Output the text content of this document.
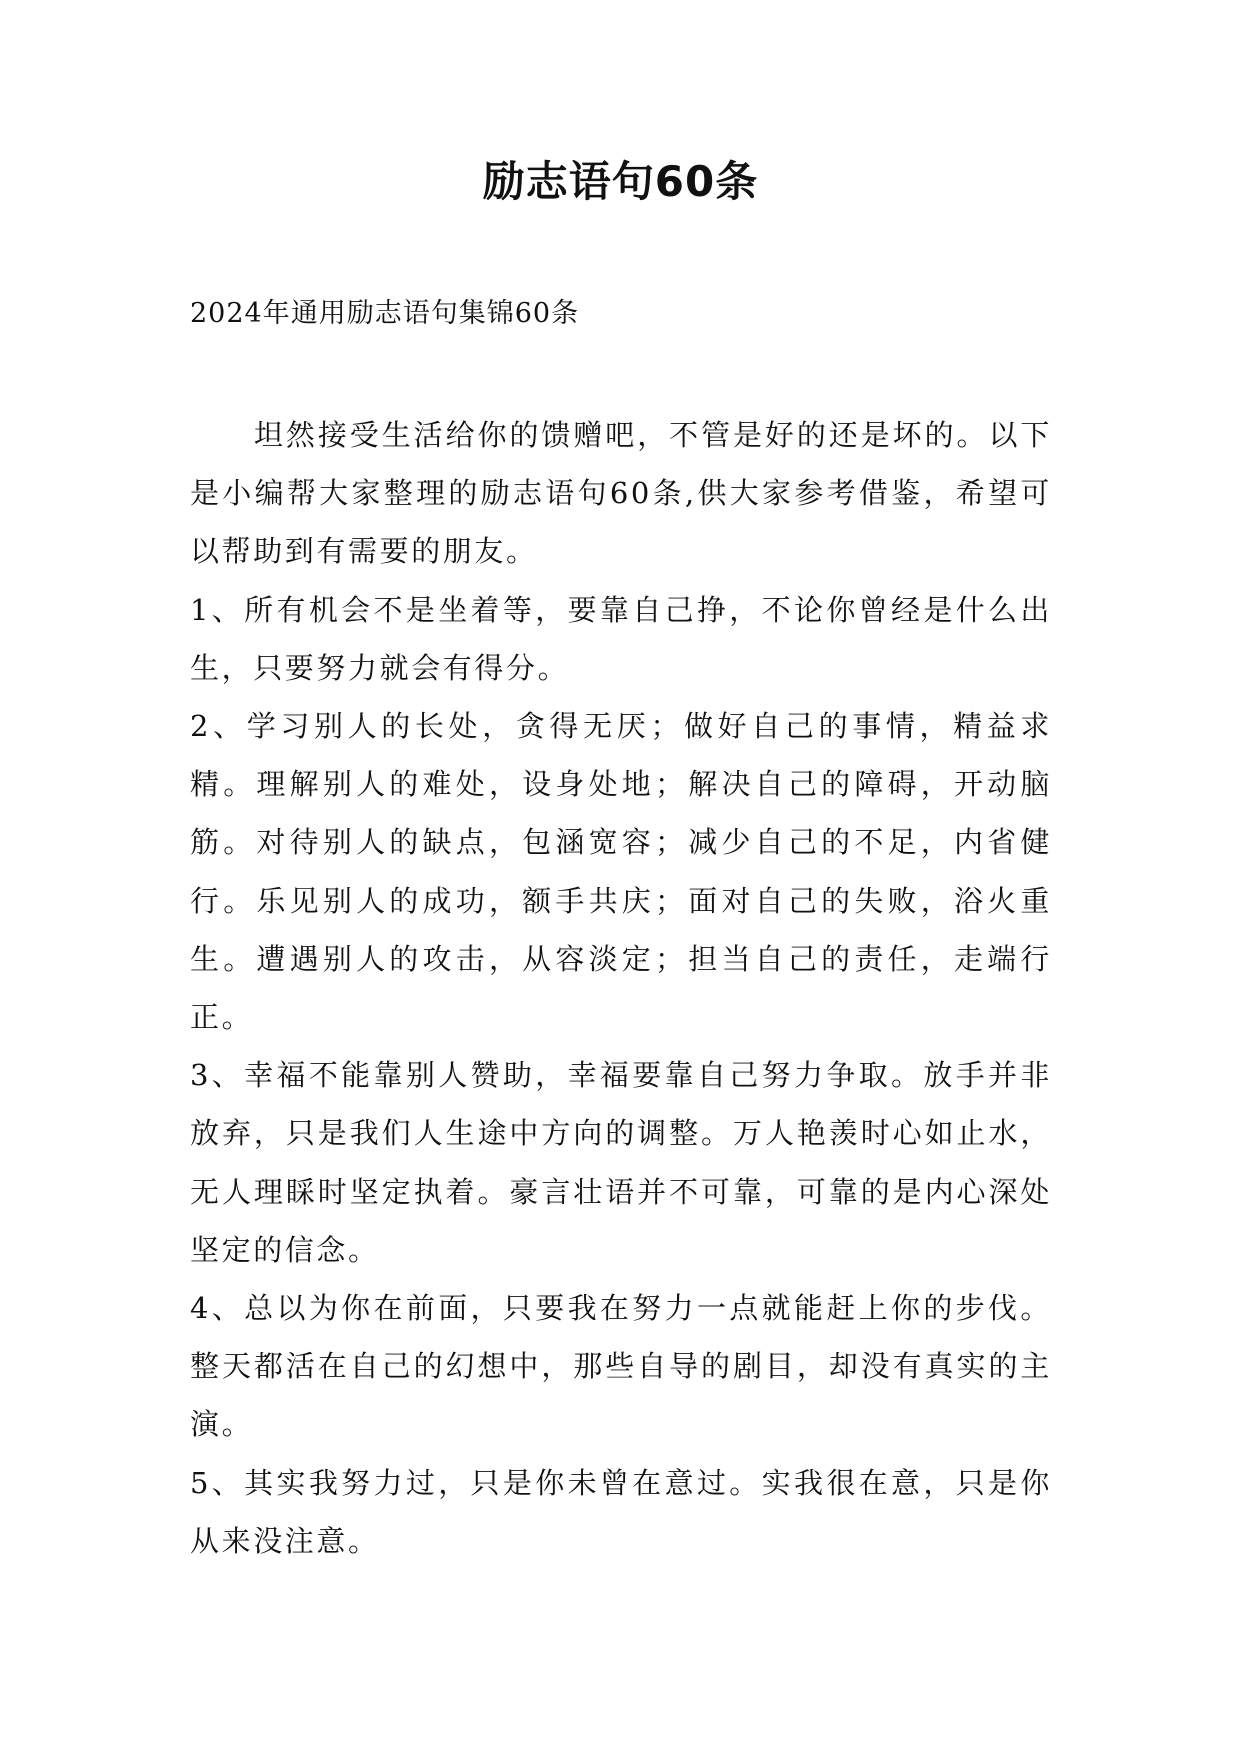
励志语句60条

2024年通用励志语句集锦60条

坦然接受生活给你的馈赠吧，不管是好的还是坏的。以下是小编帮大家整理的励志语句60条,供大家参考借鉴，希望可以帮助到有需要的朋友。

1、所有机会不是坐着等，要靠自己挣，不论你曾经是什么出生，只要努力就会有得分。

2、学习别人的长处，贪得无厌；做好自己的事情，精益求精。理解别人的难处，设身处地；解决自己的障碍，开动脑筋。对待别人的缺点，包涵宽容；减少自己的不足，内省健行。乐见别人的成功，额手共庆；面对自己的失败，浴火重生。遭遇别人的攻击，从容淡定；担当自己的责任，走端行正。

3、幸福不能靠别人赞助，幸福要靠自己努力争取。放手并非放弃，只是我们人生途中方向的调整。万人艳羡时心如止水，无人理睬时坚定执着。豪言壮语并不可靠，可靠的是内心深处坚定的信念。

4、总以为你在前面，只要我在努力一点就能赶上你的步伐。整天都活在自己的幻想中，那些自导的剧目，却没有真实的主演。

5、其实我努力过，只是你未曾在意过。实我很在意，只是你从来没注意。
